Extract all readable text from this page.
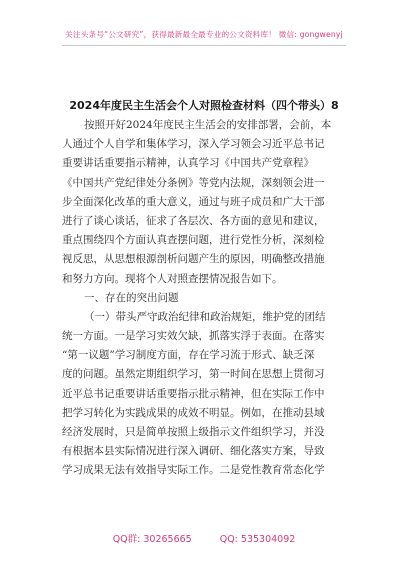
关注头条号“公文研究”，获得最新最全最专业的公文资料库！ 微信: gongwenyj
2024年度民主生活会个人对照检查材料（四个带头）8
按照开好2024年度民主生活会的安排部署，会前，本
人通过个人自学和集体学习，深入学习领会习近平总书记
重要讲话重要指示精神，认真学习《中国共产党章程》
《中国共产党纪律处分条例》等党内法规，深刻领会进一
步全面深化改革的重大意义，通过与班子成员和广大干部
进行了谈心谈话，征求了各层次、各方面的意见和建议，
重点围绕四个方面认真查摆问题，进行党性分析，深刻检
视反思，从思想根源剖析问题产生的原因，明确整改措施
和努力方向。现将个人对照查摆情况报告如下。
一、存在的突出问题
（一）带头严守政治纪律和政治规矩，维护党的团结
统一方面。一是学习实效欠缺，抓落实浮于表面。在落实
“第一议题”学习制度方面，存在学习流于形式、缺乏深
度的问题。虽然定期组织学习，第一时间在思想上贯彻习
近平总书记重要讲话重要指示批示精神，但在实际工作中
把学习转化为实践成果的成效不明显。例如，在推动县域
经济发展时，只是简单按照上级指示文件组织学习，并没
有根据本县实际情况进行深入调研、细化落实方案，导致
学习成果无法有效指导实际工作。二是党性教育常态化学
QQ群: 30265665	QQ: 535304092
